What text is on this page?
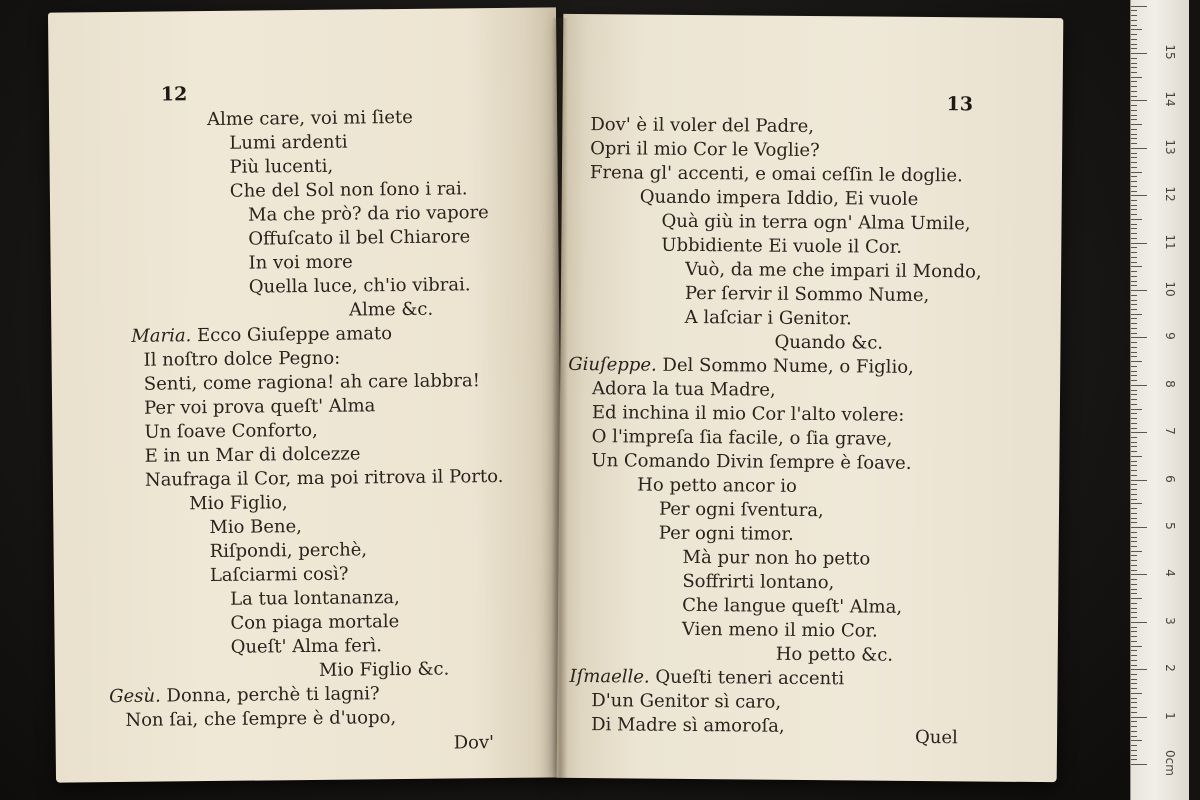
12
Alme care, voi mi ſiete
Lumi ardenti
Più lucenti,
Che del Sol non ſono i rai.
Ma che prò? da rio vapore
Offuſcato il bel Chiarore
In voi more
Quella luce, ch'io vibrai.
Alme &c.
Maria. Ecco Giuſeppe amato
Il noſtro dolce Pegno:
Senti, come ragiona! ah care labbra!
Per voi prova queſt' Alma
Un ſoave Conforto,
E in un Mar di dolcezze
Naufraga il Cor, ma poi ritrova il Porto.
Mio Figlio,
Mio Bene,
Riſpondi, perchè,
Laſciarmi così?
La tua lontananza,
Con piaga mortale
Queſt' Alma ferì.
Mio Figlio &c.
Gesù. Donna, perchè ti lagni?
Non ſai, che ſempre è d'uopo,
Dov'
13
Dov' è il voler del Padre,
Opri il mio Cor le Voglie?
Frena gl' accenti, e omai ceſſin le doglie.
Quando impera Iddio, Ei vuole
Quà giù in terra ogn' Alma Umile,
Ubbidiente Ei vuole il Cor.
Vuò, da me che impari il Mondo,
Per ſervir il Sommo Nume,
A laſciar i Genitor.
Quando &c.
Giuſeppe. Del Sommo Nume, o Figlio,
Adora la tua Madre,
Ed inchina il mio Cor l'alto volere:
O l'impreſa ſia facile, o ſia grave,
Un Comando Divin ſempre è ſoave.
Ho petto ancor io
Per ogni ſventura,
Per ogni timor.
Mà pur non ho petto
Soffrirti lontano,
Che langue queſt' Alma,
Vien meno il mio Cor.
Ho petto &c.
Iſmaelle. Queſti teneri accenti
D'un Genitor sì caro,
Di Madre sì amoroſa,
Quel
0cm
1
2
3
4
5
6
7
8
9
10
11
12
13
14
15
